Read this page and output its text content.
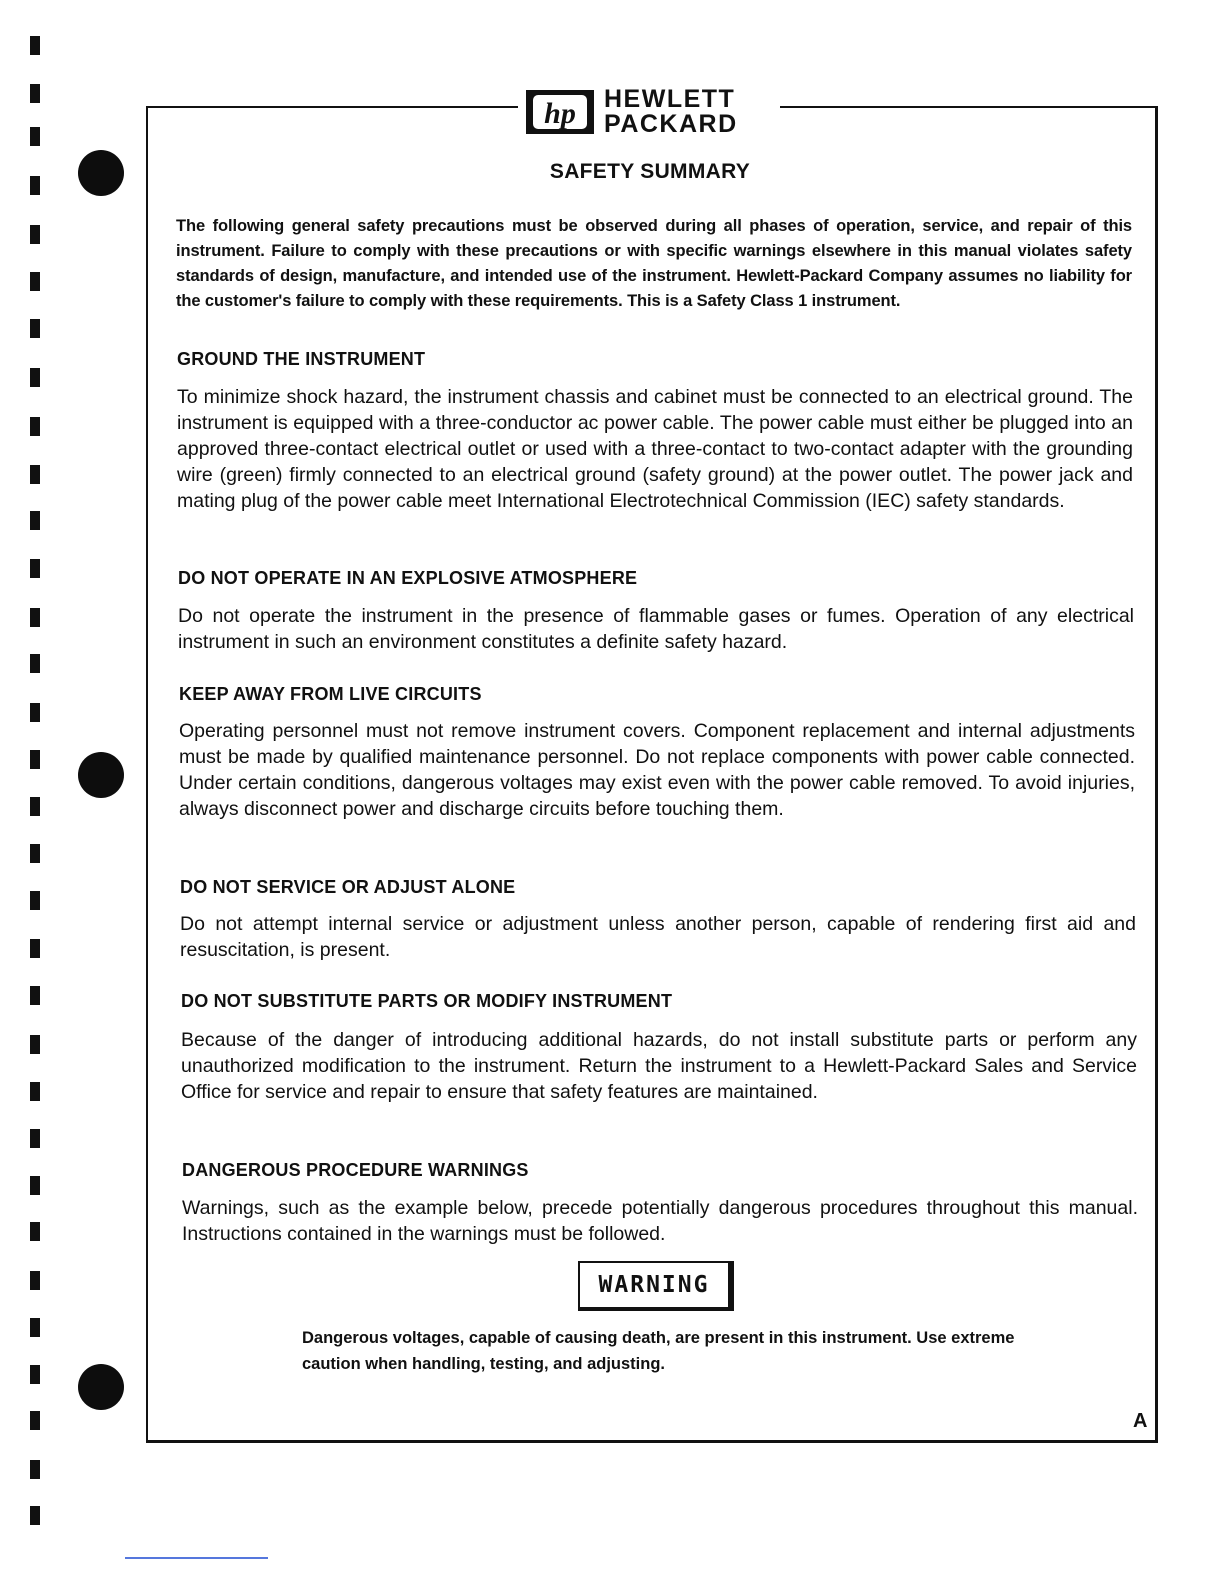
hp HEWLETT
PACKARD
SAFETY SUMMARY

The following general safety precautions must be observed during all phases of operation, service, and repair of this instrument. Failure to comply with these precautions or with specific warnings elsewhere in this manual violates safety standards of design, manufacture, and intended use of the instrument. Hewlett-Packard Company assumes no liability for the customer's failure to comply with these requirements. This is a Safety Class 1 instrument.

GROUND THE INSTRUMENT

To minimize shock hazard, the instrument chassis and cabinet must be connected to an electrical ground. The instrument is equipped with a three-conductor ac power cable. The power cable must either be plugged into an approved three-contact electrical outlet or used with a three-contact to two-contact adapter with the grounding wire (green) firmly connected to an electrical ground (safety ground) at the power outlet. The power jack and mating plug of the power cable meet International Electrotechnical Commission (IEC) safety standards.

DO NOT OPERATE IN AN EXPLOSIVE ATMOSPHERE

Do not operate the instrument in the presence of flammable gases or fumes. Operation of any electrical instrument in such an environment constitutes a definite safety hazard.

KEEP AWAY FROM LIVE CIRCUITS

Operating personnel must not remove instrument covers. Component replacement and internal adjustments must be made by qualified maintenance personnel. Do not replace components with power cable connected. Under certain conditions, dangerous voltages may exist even with the power cable removed. To avoid injuries, always disconnect power and discharge circuits before touching them.

DO NOT SERVICE OR ADJUST ALONE

Do not attempt internal service or adjustment unless another person, capable of rendering first aid and resuscitation, is present.

DO NOT SUBSTITUTE PARTS OR MODIFY INSTRUMENT

Because of the danger of introducing additional hazards, do not install substitute parts or perform any unauthorized modification to the instrument. Return the instrument to a Hewlett-Packard Sales and Service Office for service and repair to ensure that safety features are maintained.

DANGEROUS PROCEDURE WARNINGS

Warnings, such as the example below, precede potentially dangerous procedures throughout this manual. Instructions contained in the warnings must be followed.

WARNING

Dangerous voltages, capable of causing death, are present in this instrument. Use extreme caution when handling, testing, and adjusting.

A
